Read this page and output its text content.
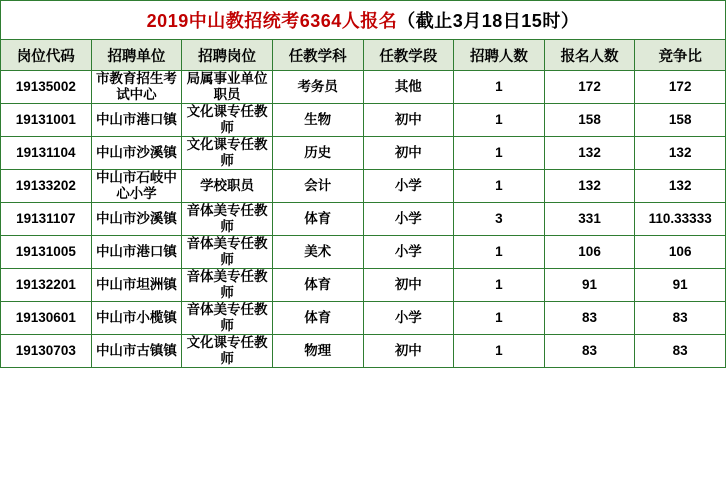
2019中山教招统考6364人报名（截止3月18日15时）							
岗位代码	招聘单位	招聘岗位	任教学科	任教学段	招聘人数	报名人数	竞争比
19135002	市教育招生考试中心	局属事业单位职员	考务员	其他	1	172	172
19131001	中山市港口镇	文化课专任教师	生物	初中	1	158	158
19131104	中山市沙溪镇	文化课专任教师	历史	初中	1	132	132
19133202	中山市石岐中心小学	学校职员	会计	小学	1	132	132
19131107	中山市沙溪镇	音体美专任教师	体育	小学	3	331	110.33333
19131005	中山市港口镇	音体美专任教师	美术	小学	1	106	106
19132201	中山市坦洲镇	音体美专任教师	体育	初中	1	91	91
19130601	中山市小榄镇	音体美专任教师	体育	小学	1	83	83
19130703	中山市古镇镇	文化课专任教师	物理	初中	1	83	83
